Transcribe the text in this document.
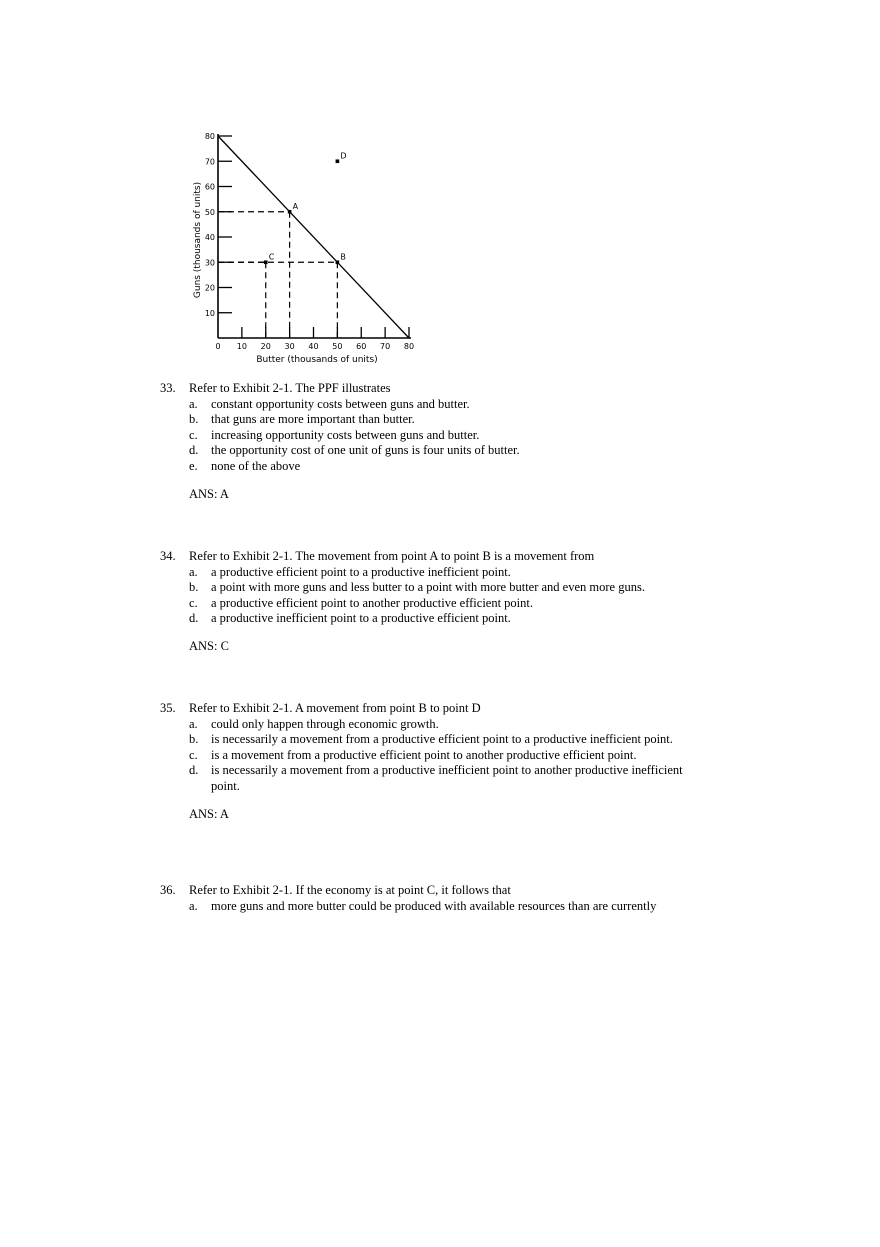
Guns (thousands of units)
Butter (thousands of units)
0 10 20 30 40 50 60 70 80
10
20
30
40
50
60
70
80
A
B
C
D
33. Refer to Exhibit 2-1. The PPF illustrates
a.	constant opportunity costs between guns and butter.
b.	that guns are more important than butter.
c.	increasing opportunity costs between guns and butter.
d.	the opportunity cost of one unit of guns is four units of butter.
e.	none of the above
ANS: A
34. Refer to Exhibit 2-1. The movement from point A to point B is a movement from
a.	a productive efficient point to a productive inefficient point.
b.	a point with more guns and less butter to a point with more butter and even more guns.
c.	a productive efficient point to another productive efficient point.
d.	a productive inefficient point to a productive efficient point.
ANS: C
35. Refer to Exhibit 2-1. A movement from point B to point D
a.	could only happen through economic growth.
b.	is necessarily a movement from a productive efficient point to a productive inefficient point.
c.	is a movement from a productive efficient point to another productive efficient point.
d.	is necessarily a movement from a productive inefficient point to another productive inefficient point.
ANS: A
36. Refer to Exhibit 2-1. If the economy is at point C, it follows that
a.	more guns and more butter could be produced with available resources than are currently
